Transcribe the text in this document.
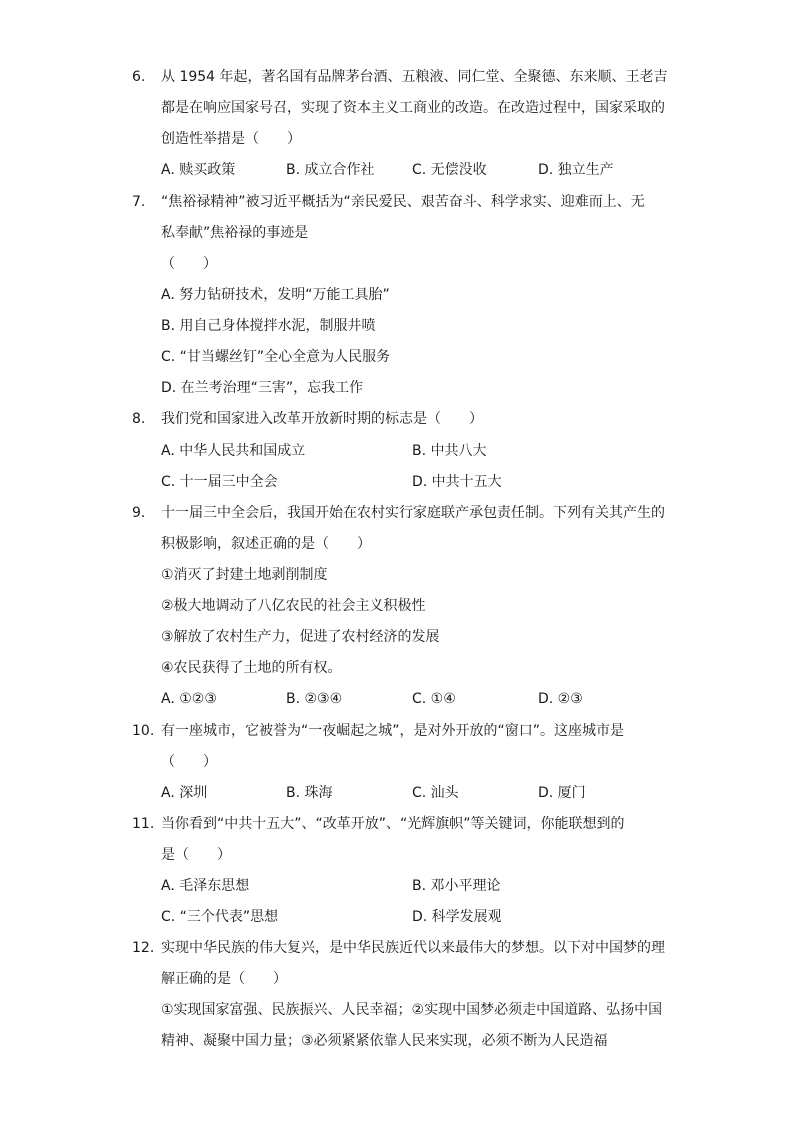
6. 从 1954 年起，著名国有品牌茅台酒、五粮液、同仁堂、全聚德、东来顺、王老吉
都是在响应国家号召，实现了资本主义工商业的改造。在改造过程中，国家采取的
创造性举措是（　　）
A. 赎买政策	B. 成立合作社	C. 无偿没收	D. 独立生产
7. “焦裕禄精神”被习近平概括为“亲民爱民、艰苦奋斗、科学求实、迎难而上、无
私奉献”焦裕禄的事迹是
（　　）
A. 努力钻研技术，发明“万能工具胎”
B. 用自己身体搅拌水泥，制服井喷
C. “甘当螺丝钉”全心全意为人民服务
D. 在兰考治理“三害”，忘我工作
8. 我们党和国家进入改革开放新时期的标志是（　　）
A. 中华人民共和国成立	B. 中共八大
C. 十一届三中全会	D. 中共十五大
9. 十一届三中全会后，我国开始在农村实行家庭联产承包责任制。下列有关其产生的
积极影响，叙述正确的是（　　）
①消灭了封建土地剥削制度
②极大地调动了八亿农民的社会主义积极性
③解放了农村生产力，促进了农村经济的发展
④农民获得了土地的所有权。
A. ①②③	B. ②③④	C. ①④	D. ②③
10. 有一座城市，它被誉为“一夜崛起之城”，是对外开放的“窗口”。这座城市是
（　　）
A. 深圳	B. 珠海	C. 汕头	D. 厦门
11. 当你看到“中共十五大”、“改革开放”、“光辉旗帜”等关键词，你能联想到的
是（　　）
A. 毛泽东思想	B. 邓小平理论
C. “三个代表”思想	D. 科学发展观
12. 实现中华民族的伟大复兴，是中华民族近代以来最伟大的梦想。以下对中国梦的理
解正确的是（　　）
①实现国家富强、民族振兴、人民幸福；②实现中国梦必须走中国道路、弘扬中国
精神、凝聚中国力量；③必须紧紧依靠人民来实现，必须不断为人民造福
